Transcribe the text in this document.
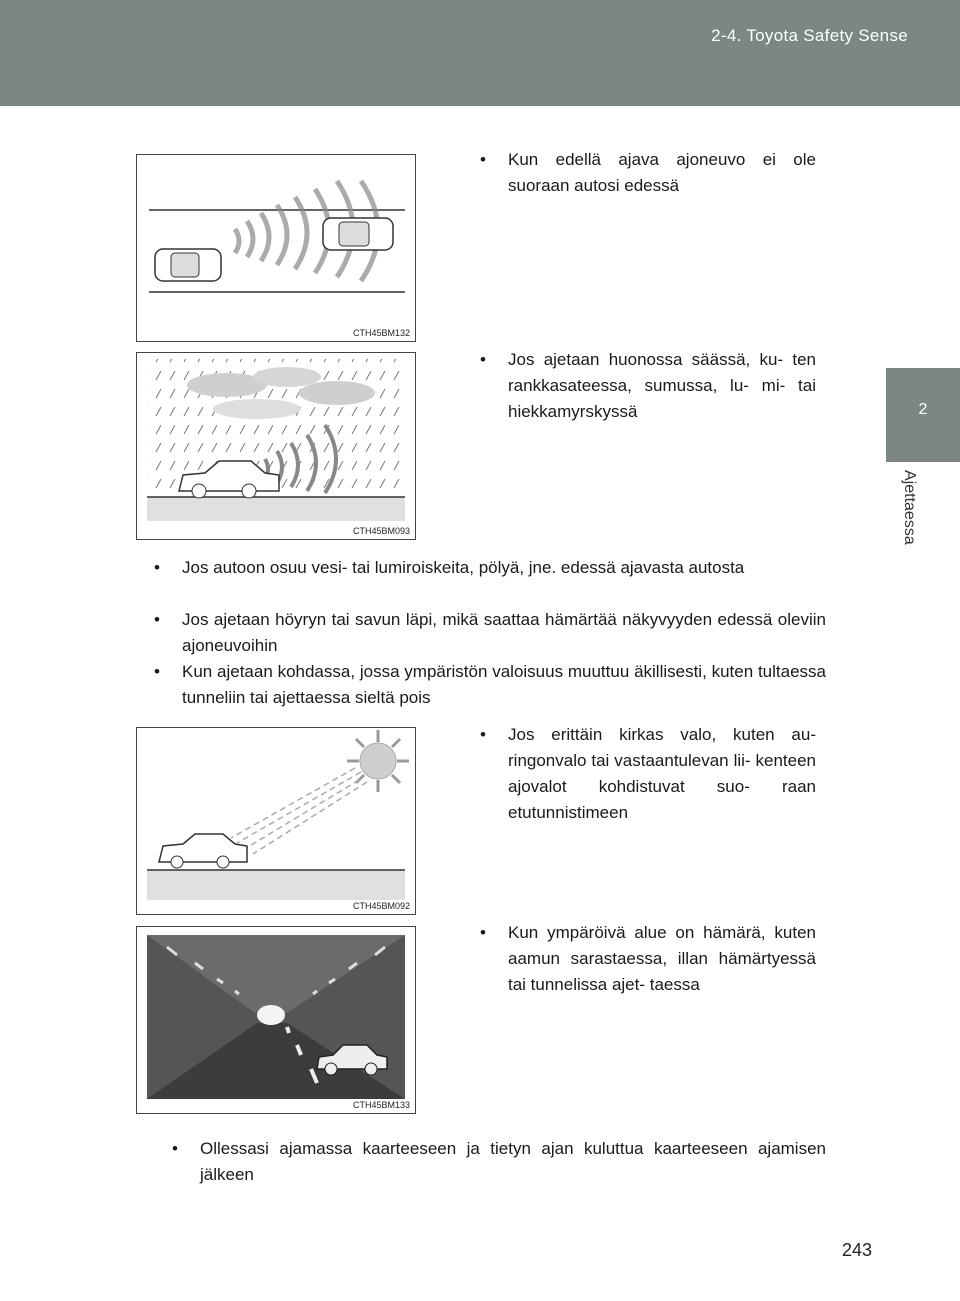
2-4. Toyota Safety Sense
2
Ajettaessa
CTH45BM132
• Kun edellä ajava ajoneuvo ei ole suoraan autosi edessä
CTH45BM093
• Jos ajetaan huonossa säässä, ku- ten rankkasateessa, sumussa, lu- mi- tai hiekkamyrskyssä
• Jos autoon osuu vesi- tai lumiroiskeita, pölyä, jne. edessä ajavasta autosta
• Jos ajetaan höyryn tai savun läpi, mikä saattaa hämärtää näkyvyyden edessä oleviin ajoneuvoihin
• Kun ajetaan kohdassa, jossa ympäristön valoisuus muuttuu äkillisesti, kuten tultaessa tunneliin tai ajettaessa sieltä pois
CTH45BM092
• Jos erittäin kirkas valo, kuten au- ringonvalo tai vastaantulevan lii- kenteen ajovalot kohdistuvat suo- raan etutunnistimeen
CTH45BM133
• Kun ympäröivä alue on hämärä, kuten aamun sarastaessa, illan hämärtyessä tai tunnelissa ajet- taessa
• Ollessasi ajamassa kaarteeseen ja tietyn ajan kuluttua kaarteeseen ajamisen jälkeen
243
